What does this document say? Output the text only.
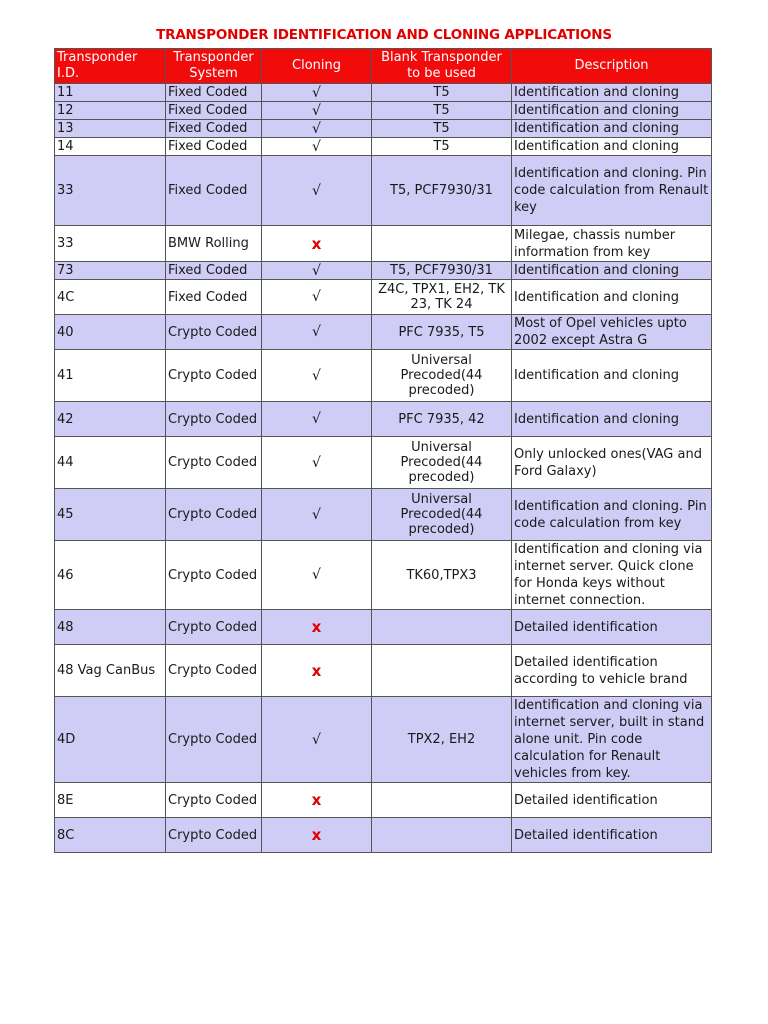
TRANSPONDER IDENTIFICATION AND CLONING APPLICATIONS
Transponder I.D.	Transponder System	Cloning	Blank Transponder to be used	Description
11	Fixed Coded	√	T5	Identification and cloning
12	Fixed Coded	√	T5	Identification and cloning
13	Fixed Coded	√	T5	Identification and cloning
14	Fixed Coded	√	T5	Identification and cloning
33	Fixed Coded	√	T5, PCF7930/31	Identification and cloning. Pin code calculation from Renault key
33	BMW Rolling	x		Milegae, chassis number information from key
73	Fixed Coded	√	T5, PCF7930/31	Identification and cloning
4C	Fixed Coded	√	Z4C, TPX1, EH2, TK 23, TK 24	Identification and cloning
40	Crypto Coded	√	PFC 7935, T5	Most of Opel vehicles upto 2002 except Astra G
41	Crypto Coded	√	Universal Precoded(44 precoded)	Identification and cloning
42	Crypto Coded	√	PFC 7935, 42	Identification and cloning
44	Crypto Coded	√	Universal Precoded(44 precoded)	Only unlocked ones(VAG and Ford Galaxy)
45	Crypto Coded	√	Universal Precoded(44 precoded)	Identification and cloning. Pin code calculation from key
46	Crypto Coded	√	TK60,TPX3	Identification and cloning via internet server. Quick clone for Honda keys without internet connection.
48	Crypto Coded	x		Detailed identification
48 Vag CanBus	Crypto Coded	x		Detailed identification according to vehicle brand
4D	Crypto Coded	√	TPX2, EH2	Identification and cloning via internet server, built in stand alone unit. Pin code calculation for Renault vehicles from key.
8E	Crypto Coded	x		Detailed identification
8C	Crypto Coded	x		Detailed identification
